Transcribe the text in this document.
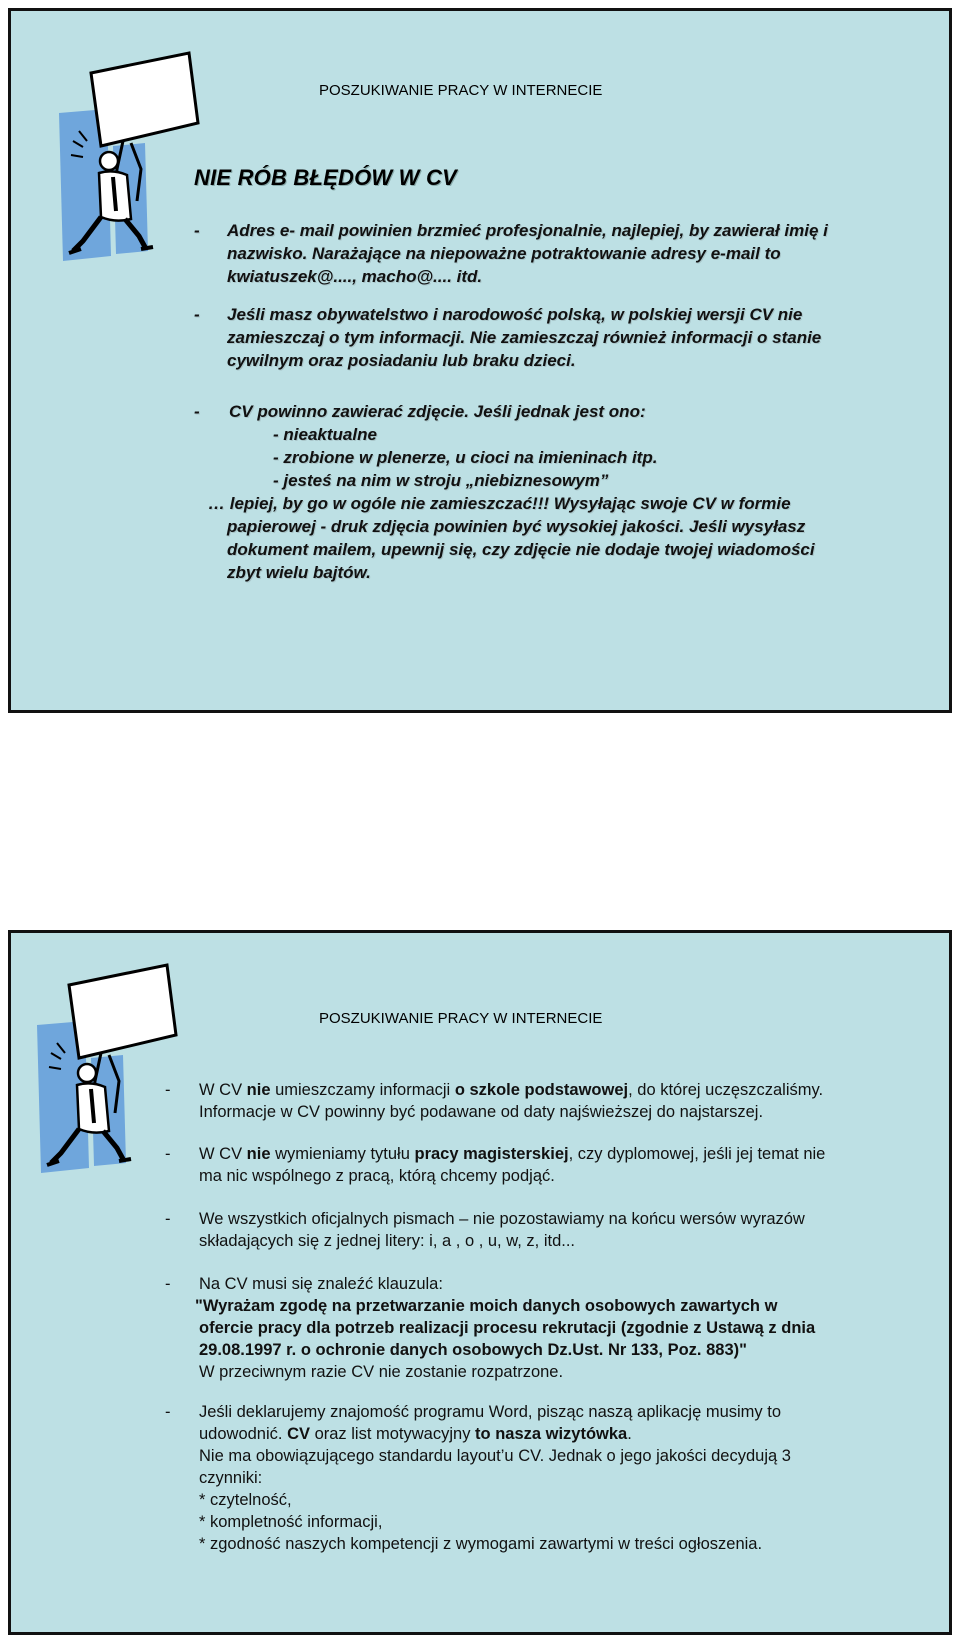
POSZUKIWANIE PRACY W INTERNECIE
NIE RÓB BŁĘDÓW W CV
- Adres e- mail powinien brzmieć profesjonalnie, najlepiej, by zawierał imię i
nazwisko. Narażające na niepoważne potraktowanie adresy e-mail to
kwiatuszek@...., macho@.... itd.
- Jeśli masz obywatelstwo i narodowość polską, w polskiej wersji CV nie
zamieszczaj o tym informacji. Nie zamieszczaj również informacji o stanie
cywilnym oraz posiadaniu lub braku dzieci.
- CV powinno zawierać zdjęcie. Jeśli jednak jest ono:
- nieaktualne
- zrobione w plenerze, u cioci na imieninach itp.
- jesteś na nim w stroju „niebiznesowym”
… lepiej, by go w ogóle nie zamieszczać!!! Wysyłając swoje CV w formie
papierowej - druk zdjęcia powinien być wysokiej jakości. Jeśli wysyłasz
dokument mailem, upewnij się, czy zdjęcie nie dodaje twojej wiadomości
zbyt wielu bajtów.
POSZUKIWANIE PRACY W INTERNECIE
- W CV nie umieszczamy informacji o szkole podstawowej, do której uczęszczaliśmy.
Informacje w CV powinny być podawane od daty najświeższej do najstarszej.
- W CV nie wymieniamy tytułu pracy magisterskiej, czy dyplomowej, jeśli jej temat nie
ma nic wspólnego z pracą, którą chcemy podjąć.
- We wszystkich oficjalnych pismach – nie pozostawiamy na końcu wersów wyrazów
składających się z jednej litery: i, a , o , u, w, z, itd...
- Na CV musi się znaleźć klauzula:
"Wyrażam zgodę na przetwarzanie moich danych osobowych zawartych w
ofercie pracy dla potrzeb realizacji procesu rekrutacji (zgodnie z Ustawą z dnia
29.08.1997 r. o ochronie danych osobowych Dz.Ust. Nr 133, Poz. 883)"
W przeciwnym razie CV nie zostanie rozpatrzone.
- Jeśli deklarujemy znajomość programu Word, pisząc naszą aplikację musimy to
udowodnić. CV oraz list motywacyjny to nasza wizytówka.
Nie ma obowiązującego standardu layout’u CV. Jednak o jego jakości decydują 3
czynniki:
* czytelność,
* kompletność informacji,
* zgodność naszych kompetencji z wymogami zawartymi w treści ogłoszenia.
